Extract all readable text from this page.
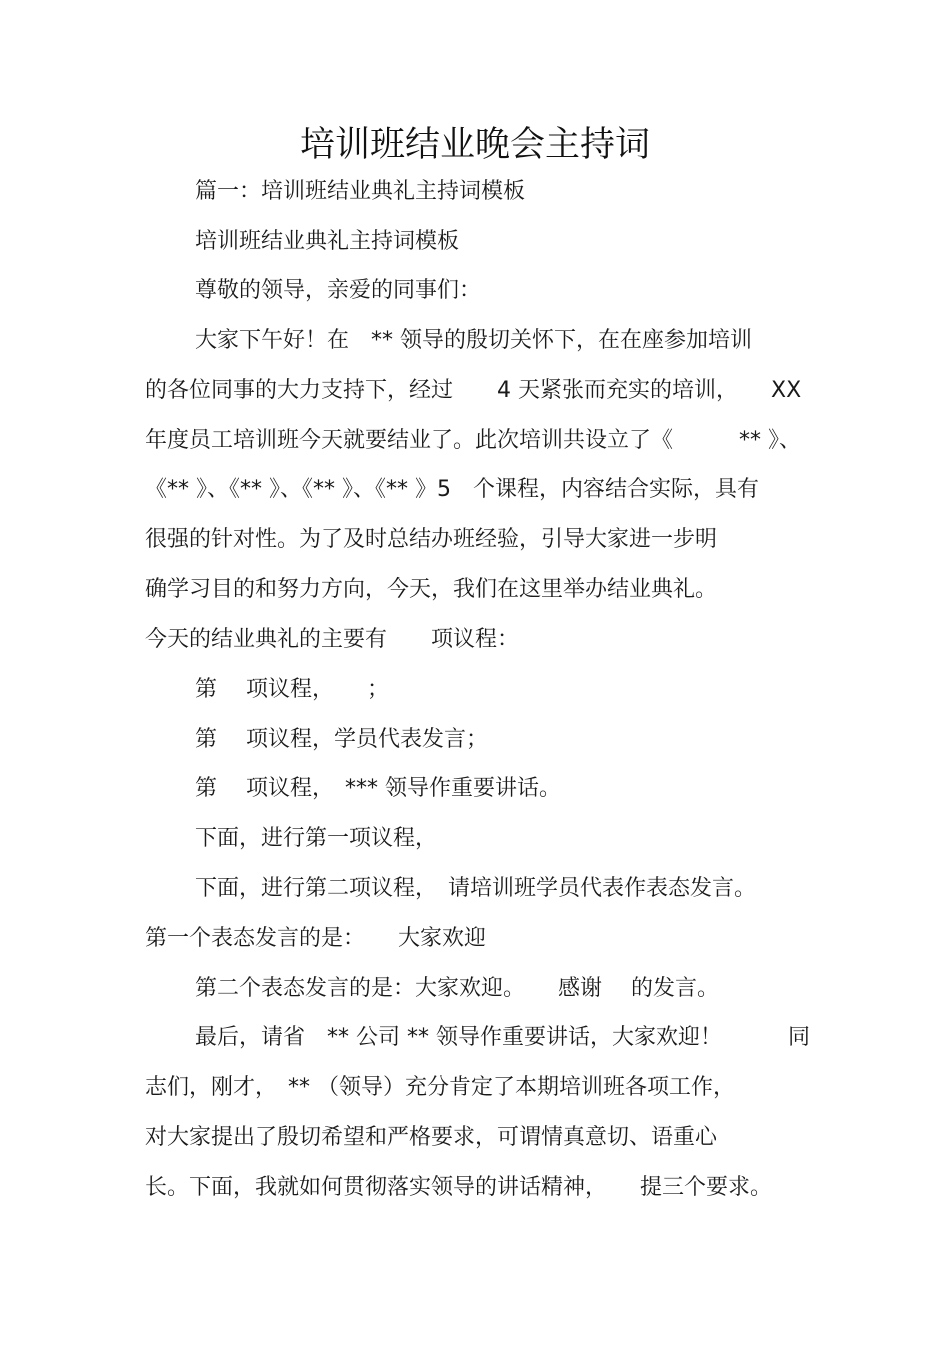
培训班结业晚会主持词
篇一：培训班结业典礼主持词模板
培训班结业典礼主持词模板
尊敬的领导，亲爱的同事们：
大家下午好！在　** 领导的殷切关怀下，在在座参加培训
的各位同事的大力支持下，经过　　4 天紧张而充实的培训，　　XX
年度员工培训班今天就要结业了。此次培训共设立了《　　　** 》、
《** 》、《** 》、《** 》、《** 》5　个课程，内容结合实际，具有
很强的针对性。为了及时总结办班经验，引导大家进一步明
确学习目的和努力方向，今天，我们在这里举办结业典礼。
今天的结业典礼的主要有　　项议程：
第　 项议程，　　；
第　 项议程，学员代表发言；
第　 项议程，　*** 领导作重要讲话。
下面，进行第一项议程，
下面，进行第二项议程，　请培训班学员代表作表态发言。
第一个表态发言的是：　　大家欢迎
第二个表态发言的是：大家欢迎。　　感谢　 的发言。
最后，请省　** 公司 ** 领导作重要讲话，大家欢迎！　　　同
志们，刚才，　** （领导）充分肯定了本期培训班各项工作，
对大家提出了殷切希望和严格要求，可谓情真意切、语重心
长。下面，我就如何贯彻落实领导的讲话精神，　　提三个要求。
